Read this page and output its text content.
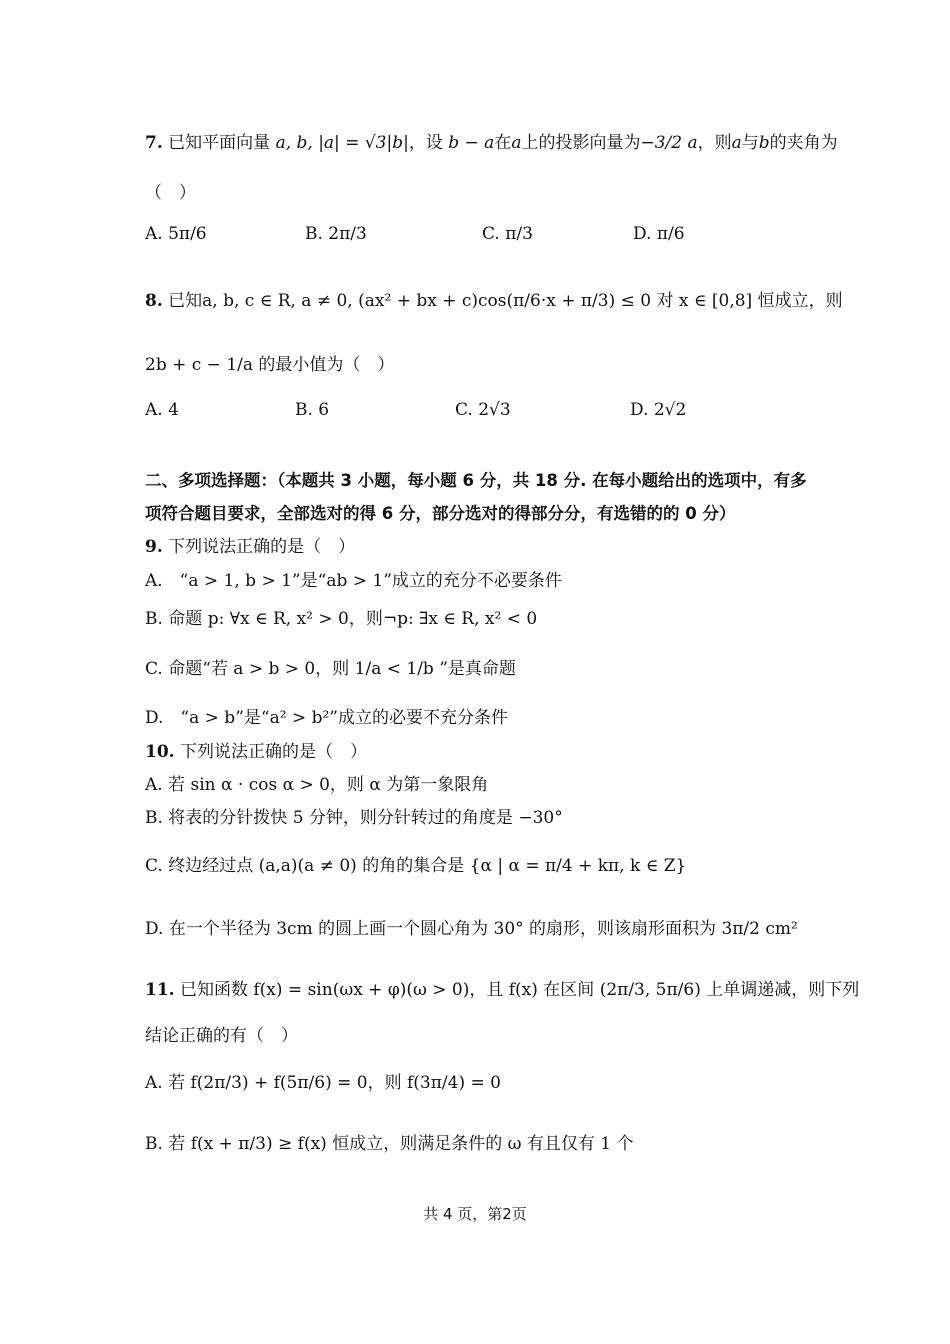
7. 已知平面向量 a, b, |a| = √3|b|，设 b − a在a上的投影向量为−3/2 a，则a与b的夹角为
（　）
A. 5π/6	B. 2π/3	C. π/3	D. π/6
8. 已知a, b, c ∈ R, a ≠ 0, (ax² + bx + c)cos(π/6·x + π/3) ≤ 0 对 x ∈ [0,8] 恒成立，则
2b + c − 1/a 的最小值为（　）
A. 4	B. 6	C. 2√3	D. 2√2
二、多项选择题：（本题共 3 小题，每小题 6 分，共 18 分. 在每小题给出的选项中，有多
项符合题目要求，全部选对的得 6 分，部分选对的得部分分，有选错的的 0 分）
9. 下列说法正确的是（　）
A.　“a > 1, b > 1”是“ab > 1”成立的充分不必要条件
B. 命题 p: ∀x ∈ R, x² > 0，则¬p: ∃x ∈ R, x² < 0
C. 命题“若 a > b > 0，则 1/a < 1/b ”是真命题
D.　“a > b”是“a² > b²”成立的必要不充分条件
10. 下列说法正确的是（　）
A. 若 sin α · cos α > 0，则 α 为第一象限角
B. 将表的分针拨快 5 分钟，则分针转过的角度是 −30°
C. 终边经过点 (a,a)(a ≠ 0) 的角的集合是 {α | α = π/4 + kπ, k ∈ Z}
D. 在一个半径为 3cm 的圆上画一个圆心角为 30° 的扇形，则该扇形面积为 3π/2 cm²
11. 已知函数 f(x) = sin(ωx + φ)(ω > 0)，且 f(x) 在区间 (2π/3, 5π/6) 上单调递减，则下列
结论正确的有（　）
A. 若 f(2π/3) + f(5π/6) = 0，则 f(3π/4) = 0
B. 若 f(x + π/3) ≥ f(x) 恒成立，则满足条件的 ω 有且仅有 1 个
共 4 页，第2页
